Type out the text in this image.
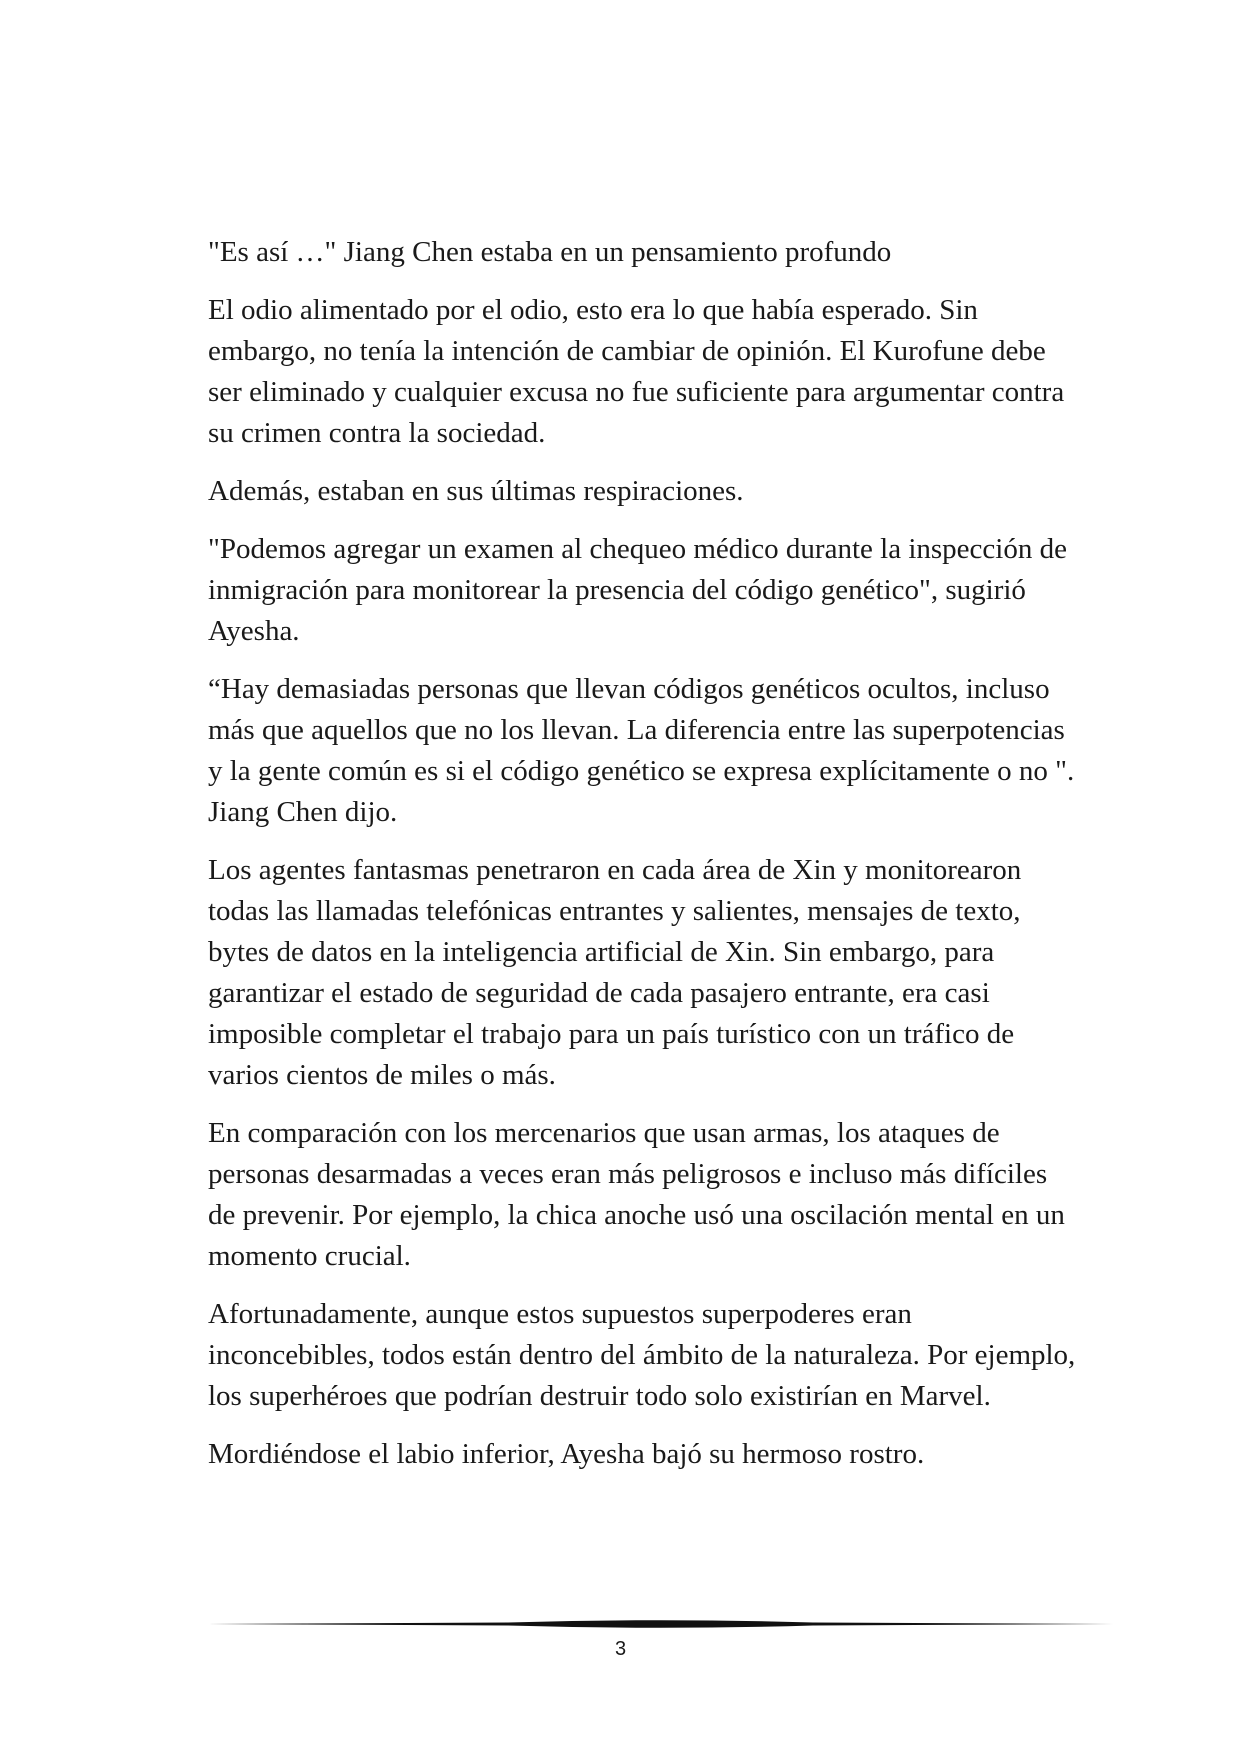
"Es así …" Jiang Chen estaba en un pensamiento profundo

El odio alimentado por el odio, esto era lo que había esperado. Sin embargo, no tenía la intención de cambiar de opinión. El Kurofune debe ser eliminado y cualquier excusa no fue suficiente para argumentar contra su crimen contra la sociedad.

Además, estaban en sus últimas respiraciones.

"Podemos agregar un examen al chequeo médico durante la inspección de inmigración para monitorear la presencia del código genético", sugirió Ayesha.

“Hay demasiadas personas que llevan códigos genéticos ocultos, incluso más que aquellos que no los llevan. La diferencia entre las superpotencias y la gente común es si el código genético se expresa explícitamente o no ". Jiang Chen dijo.

Los agentes fantasmas penetraron en cada área de Xin y monitorearon todas las llamadas telefónicas entrantes y salientes, mensajes de texto, bytes de datos en la inteligencia artificial de Xin. Sin embargo, para garantizar el estado de seguridad de cada pasajero entrante, era casi imposible completar el trabajo para un país turístico con un tráfico de varios cientos de miles o más.

En comparación con los mercenarios que usan armas, los ataques de personas desarmadas a veces eran más peligrosos e incluso más difíciles de prevenir. Por ejemplo, la chica anoche usó una oscilación mental en un momento crucial.

Afortunadamente, aunque estos supuestos superpoderes eran inconcebibles, todos están dentro del ámbito de la naturaleza. Por ejemplo, los superhéroes que podrían destruir todo solo existirían en Marvel.

Mordiéndose el labio inferior, Ayesha bajó su hermoso rostro.

3
